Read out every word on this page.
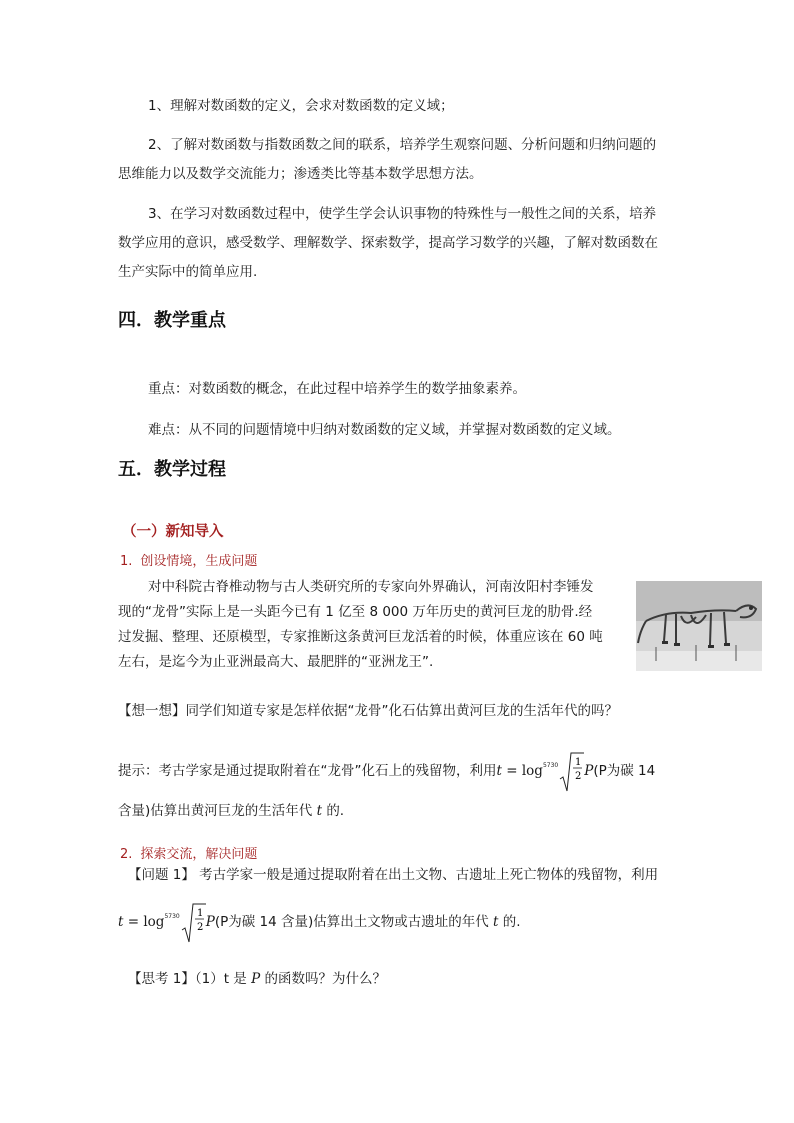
1、理解对数函数的定义，会求对数函数的定义域；

2、了解对数函数与指数函数之间的联系，培养学生观察问题、分析问题和归纳问题的

思维能力以及数学交流能力；渗透类比等基本数学思想方法。

3、在学习对数函数过程中，使学生学会认识事物的特殊性与一般性之间的关系，培养

数学应用的意识，感受数学、理解数学、探索数学，提高学习数学的兴趣，了解对数函数在

生产实际中的简单应用.

四．教学重点

重点：对数函数的概念，在此过程中培养学生的数学抽象素养。

难点：从不同的问题情境中归纳对数函数的定义域，并掌握对数函数的定义域。

五．教学过程
（一）新知导入
1. 创设情境，生成问题

对中科院古脊椎动物与古人类研究所的专家向外界确认，河南汝阳村李锤发

现的“龙骨”实际上是一头距今已有 1 亿至 8 000 万年历史的黄河巨龙的肋骨.经

过发掘、整理、还原模型，专家推断这条黄河巨龙活着的时候，体重应该在 60 吨

左右，是迄今为止亚洲最高大、最肥胖的“亚洲龙王”.

【想一想】同学们知道专家是怎样依据“龙骨”化石估算出黄河巨龙的生活年代的吗？

提示：考古学家是通过提取附着在“龙骨”化石上的残留物，利用$t = \log_{5730} 1$
2 P(P为碳 14

含量)估算出黄河巨龙的生活年代 t 的.

2. 探索交流，解决问题

【问题 1】 考古学家一般是通过提取附着在出土文物、古遗址上死亡物体的残留物，利用

$t = \log_{5730} 1$
2 P(P为碳 14 含量)估算出土文物或古遗址的年代 t 的.

【思考 1】（1）t 是 P 的函数吗？为什么？
